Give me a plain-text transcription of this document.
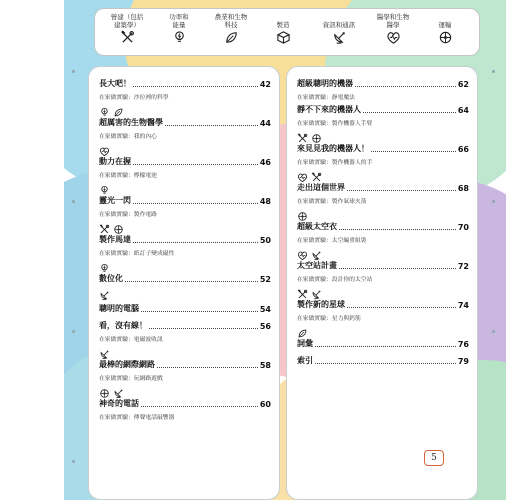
營建（包括
建築學）
功率和
能量
農業和生物
科技	製造	資訊和通訊
醫學和生物
醫學	運輸
長大吧！	42
在家做實驗：沙拉裡的科學
超厲害的生物醫學	44
在家做實驗：我的內心
動力在握	46
在家做實驗：檸檬電池
靈光一閃	48
在家做實驗：製作電路
製作馬達	50
在家做實驗：紙訂子變成磁性
數位化	52
聰明的電腦	54
看，沒有線！	56
在家做實驗：電磁波收訊
最棒的網際網路	58
在家做實驗：玩網路遊戲
神奇的電話	60
在家做實驗：傳聲電話敲響器
超級聰明的機器	62
在家做實驗：靜電魔法
靜不下來的機器人	64
在家做實驗：製作機器人手臂
來見見我的機器人！	66
在家做實驗：製作機器人的手
走出這個世界	68
在家做實驗：製作氣球火箭
超級太空衣	70
在家做實驗：太空編重組裝
太空站計畫	72
在家做實驗：設計你的太空站
製作新的星球	74
在家做實驗：星力與鈣筋
詞彙	76
索引	79
5
